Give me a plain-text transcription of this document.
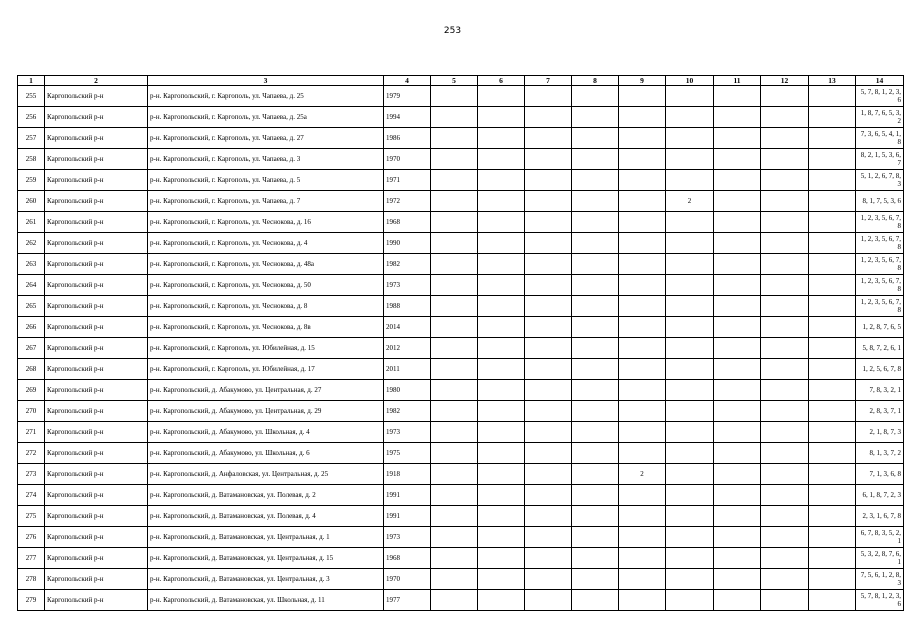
253
1	2	3	4	5	6	7	8	9	10	11	12	13	14
255	Каргопольский р-н	р-н. Каргопольский, г. Каргополь, ул. Чапаева, д. 25	1979										5, 7, 8, 1, 2, 3, 6
256	Каргопольский р-н	р-н. Каргопольский, г. Каргополь, ул. Чапаева, д. 25а	1994										1, 8, 7, 6, 5, 3, 2
257	Каргопольский р-н	р-н. Каргопольский, г. Каргополь, ул. Чапаева, д. 27	1986										7, 3, 6, 5, 4, 1, 8
258	Каргопольский р-н	р-н. Каргопольский, г. Каргополь, ул. Чапаева, д. 3	1970										8, 2, 1, 5, 3, 6, 7
259	Каргопольский р-н	р-н. Каргопольский, г. Каргополь, ул. Чапаева, д. 5	1971										5, 1, 2, 6, 7, 8, 3
260	Каргопольский р-н	р-н. Каргопольский, г. Каргополь, ул. Чапаева, д. 7	1972						2				8, 1, 7, 5, 3, 6
261	Каргопольский р-н	р-н. Каргопольский, г. Каргополь, ул. Чеснокова, д. 16	1968										1, 2, 3, 5, 6, 7, 8
262	Каргопольский р-н	р-н. Каргопольский, г. Каргополь, ул. Чеснокова, д. 4	1990										1, 2, 3, 5, 6, 7, 8
263	Каргопольский р-н	р-н. Каргопольский, г. Каргополь, ул. Чеснокова, д. 48а	1982										1, 2, 3, 5, 6, 7, 8
264	Каргопольский р-н	р-н. Каргопольский, г. Каргополь, ул. Чеснокова, д. 50	1973										1, 2, 3, 5, 6, 7, 8
265	Каргопольский р-н	р-н. Каргопольский, г. Каргополь, ул. Чеснокова, д. 8	1988										1, 2, 3, 5, 6, 7, 8
266	Каргопольский р-н	р-н. Каргопольский, г. Каргополь, ул. Чеснокова, д. 8в	2014										1, 2, 8, 7, 6, 5
267	Каргопольский р-н	р-н. Каргопольский, г. Каргополь, ул. Юбилейная, д. 15	2012										5, 8, 7, 2, 6, 1
268	Каргопольский р-н	р-н. Каргопольский, г. Каргополь, ул. Юбилейная, д. 17	2011										1, 2, 5, 6, 7, 8
269	Каргопольский р-н	р-н. Каргопольский, д. Абакумово, ул. Центральная, д. 27	1980										7, 8, 3, 2, 1
270	Каргопольский р-н	р-н. Каргопольский, д. Абакумово, ул. Центральная, д. 29	1982										2, 8, 3, 7, 1
271	Каргопольский р-н	р-н. Каргопольский, д. Абакумово, ул. Школьная, д. 4	1973										2, 1, 8, 7, 3
272	Каргопольский р-н	р-н. Каргопольский, д. Абакумово, ул. Школьная, д. 6	1975										8, 1, 3, 7, 2
273	Каргопольский р-н	р-н. Каргопольский, д. Анфаловская, ул. Центральная, д. 25	1918					2					7, 1, 3, 6, 8
274	Каргопольский р-н	р-н. Каргопольский, д. Ватамановская, ул. Полевая, д. 2	1991										6, 1, 8, 7, 2, 3
275	Каргопольский р-н	р-н. Каргопольский, д. Ватамановская, ул. Полевая, д. 4	1991										2, 3, 1, 6, 7, 8
276	Каргопольский р-н	р-н. Каргопольский, д. Ватамановская, ул. Центральная, д. 1	1973										6, 7, 8, 3, 5, 2, 1
277	Каргопольский р-н	р-н. Каргопольский, д. Ватамановская, ул. Центральная, д. 15	1968										5, 3, 2, 8, 7, 6, 1
278	Каргопольский р-н	р-н. Каргопольский, д. Ватамановская, ул. Центральная, д. 3	1970										7, 5, 6, 1, 2, 8, 3
279	Каргопольский р-н	р-н. Каргопольский, д. Ватамановская, ул. Школьная, д. 11	1977										5, 7, 8, 1, 2, 3, 6
